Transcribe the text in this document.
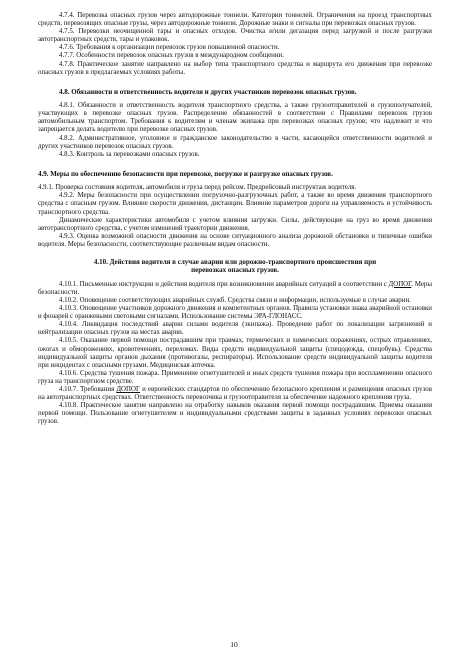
4.7.4. Перевозка опасных грузов через автодорожные тоннели. Категории тоннелей. Ограничения на проезд транспортных средств, перевозящих опасные грузы, через автодорожные тоннели. Дорожные знаки и сигналы при перевозках опасных грузов.

4.7.5. Перевозки неочищенной тары и опасных отходов. Очистка и/или дегазация перед загрузкой и после разгрузки автотранспортных средств, тары и упаковок.

4.7.6. Требования к организации перевозок грузов повышенной опасности.

4.7.7. Особенности перевозок опасных грузов в международном сообщении.

4.7.8. Практическое занятие направлено на выбор типа транспортного средства и маршрута его движения при перевозке опасных грузов в предлагаемых условиях работы.

4.8. Обязанности и ответственность водителя и других участников перевозок опасных грузов.

4.8.1. Обязанности и ответственность водителя транспортного средства, а также грузоотправителей и грузополучателей, участвующих в перевозке опасных грузов. Распределение обязанностей в соответствии с Правилами перевозок грузов автомобильным транспортом. Требования к водителям и членам экипажа при перевозках опасных грузов; что надлежит и что запрещается делать водителю при перевозке опасных грузов.

4.8.2. Административное, уголовное и гражданское законодательство в части, касающейся ответственности водителей и других участников перевозок опасных грузов.

4.8.3. Контроль за перевозками опасных грузов.

4.9. Меры по обеспечению безопасности при перевозке, погрузке и разгрузке опасных грузов.

4.9.1. Проверка состояния водителя, автомобиля и груза перед рейсом. Предрейсовый инструктаж водителя.

4.9.2. Меры безопасности при осуществлении погрузочно-разгрузочных работ, а также во время движения транспортного средства с опасным грузом. Влияние скорости движения, дистанции. Влияние параметров дороги на управляемость и устойчивость транспортного средства.

Динамические характеристики автомобиля с учетом влияния загрузки. Силы, действующие на груз во время движения автотранспортного средства, с учетом изменений траектории движения.

4.9.3. Оценка возможной опасности движения на основе ситуационного анализа дорожной обстановки и типичные ошибки водителя. Меры безопасности, соответствующие различным видам опасности.

4.10. Действия водителя в случае аварии или дорожно-транспортного происшествия при
перевозках опасных грузов.

4.10.1. Письменные инструкции и действия водителя при возникновении аварийных ситуаций в соответствии с ДОПОГ. Меры безопасности.

4.10.2. Оповещение соответствующих аварийных служб. Средства связи и информации, используемые в случае аварии.

4.10.3. Оповещение участников дорожного движения и компетентных органов. Правила установки знака аварийной остановки и фонарей с оранжевыми световыми сигналами. Использование системы ЭРА-ГЛОНАСС.

4.10.4. Ликвидация последствий аварии силами водителя (экипажа). Проведение работ по локализации загрязнений и нейтрализации опасных грузов на местах аварии.

4.10.5. Оказание первой помощи пострадавшим при травмах, термических и химических поражениях, острых отравлениях, ожогах и обморожениях, кровотечениях, переломах. Виды средств индивидуальной защиты (спецодежда, спецобувь). Средства индивидуальной защиты органов дыхания (противогазы, респираторы). Использование средств индивидуальной защиты водителя при инцидентах с опасными грузами. Медицинская аптечка.

4.10.6. Средства тушения пожара. Применение огнетушителей и иных средств тушения пожара при воспламенении опасного груза на транспортном средстве.

4.10.7. Требования ДОПОГ и европейских стандартов по обеспечению безопасного крепления и размещения опасных грузов на автотранспортных средствах. Ответственность перевозчика и грузоотправителя за обеспечение надежного крепления груза.

4.10.8. Практическое занятие направлено на отработку навыков оказания первой помощи пострадавшим. Приемы оказания первой помощи. Пользование огнетушителем и индивидуальными средствами защиты в заданных условиях перевозки опасных грузов.

10
